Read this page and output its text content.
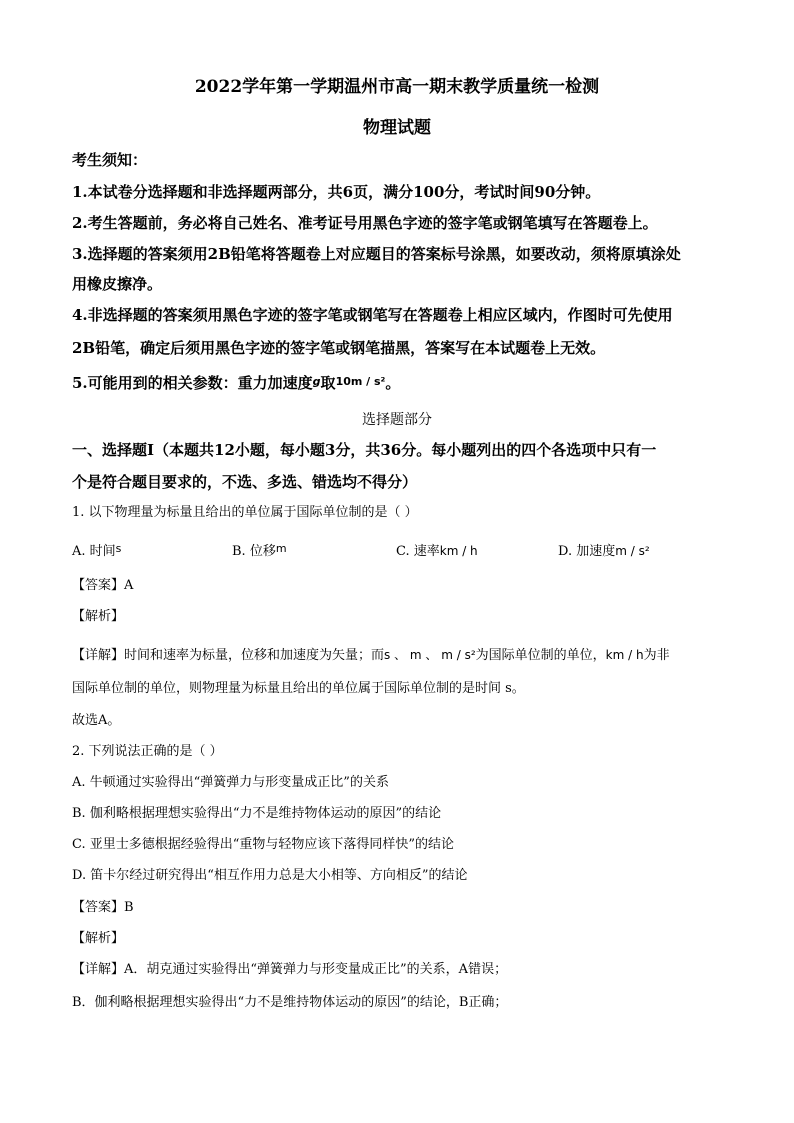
2022学年第一学期温州市高一期末教学质量统一检测
物理试题
考生须知：
1.本试卷分选择题和非选择题两部分，共6页，满分100分，考试时间90分钟。
2.考生答题前，务必将自己姓名、准考证号用黑色字迹的签字笔或钢笔填写在答题卷上。
3.选择题的答案须用2B铅笔将答题卷上对应题目的答案标号涂黑，如要改动，须将原填涂处
用橡皮擦净。
4.非选择题的答案须用黑色字迹的签字笔或钢笔写在答题卷上相应区域内，作图时可先使用
2B铅笔，确定后须用黑色字迹的签字笔或钢笔描黑，答案写在本试题卷上无效。
5.可能用到的相关参数：重力加速度$^g$取$^{10m / s^2}$。
选择题部分
一、选择题Ⅰ（本题共12小题，每小题3分，共36分。每小题列出的四个各选项中只有一
个是符合题目要求的，不选、多选、错选均不得分）
1. 以下物理量为标量且给出的单位属于国际单位制的是（ ）
A. 时间$^s$	B. 位移$^m$	C. 速率km / h	D. 加速度m / s²
【答案】A
【解析】
【详解】时间和速率为标量，位移和加速度为矢量；而s 、 m 、 m / s²为国际单位制的单位，km / h为非
国际单位制的单位，则物理量为标量且给出的单位属于国际单位制的是时间 s。
故选A。
2. 下列说法正确的是（ ）
A. 牛顿通过实验得出“弹簧弹力与形变量成正比”的关系
B. 伽利略根据理想实验得出“力不是维持物体运动的原因”的结论
C. 亚里士多德根据经验得出“重物与轻物应该下落得同样快”的结论
D. 笛卡尔经过研究得出“相互作用力总是大小相等、方向相反”的结论
【答案】B
【解析】
【详解】A．胡克通过实验得出“弹簧弹力与形变量成正比”的关系，A错误；
B．伽利略根据理想实验得出“力不是维持物体运动的原因”的结论，B正确；
